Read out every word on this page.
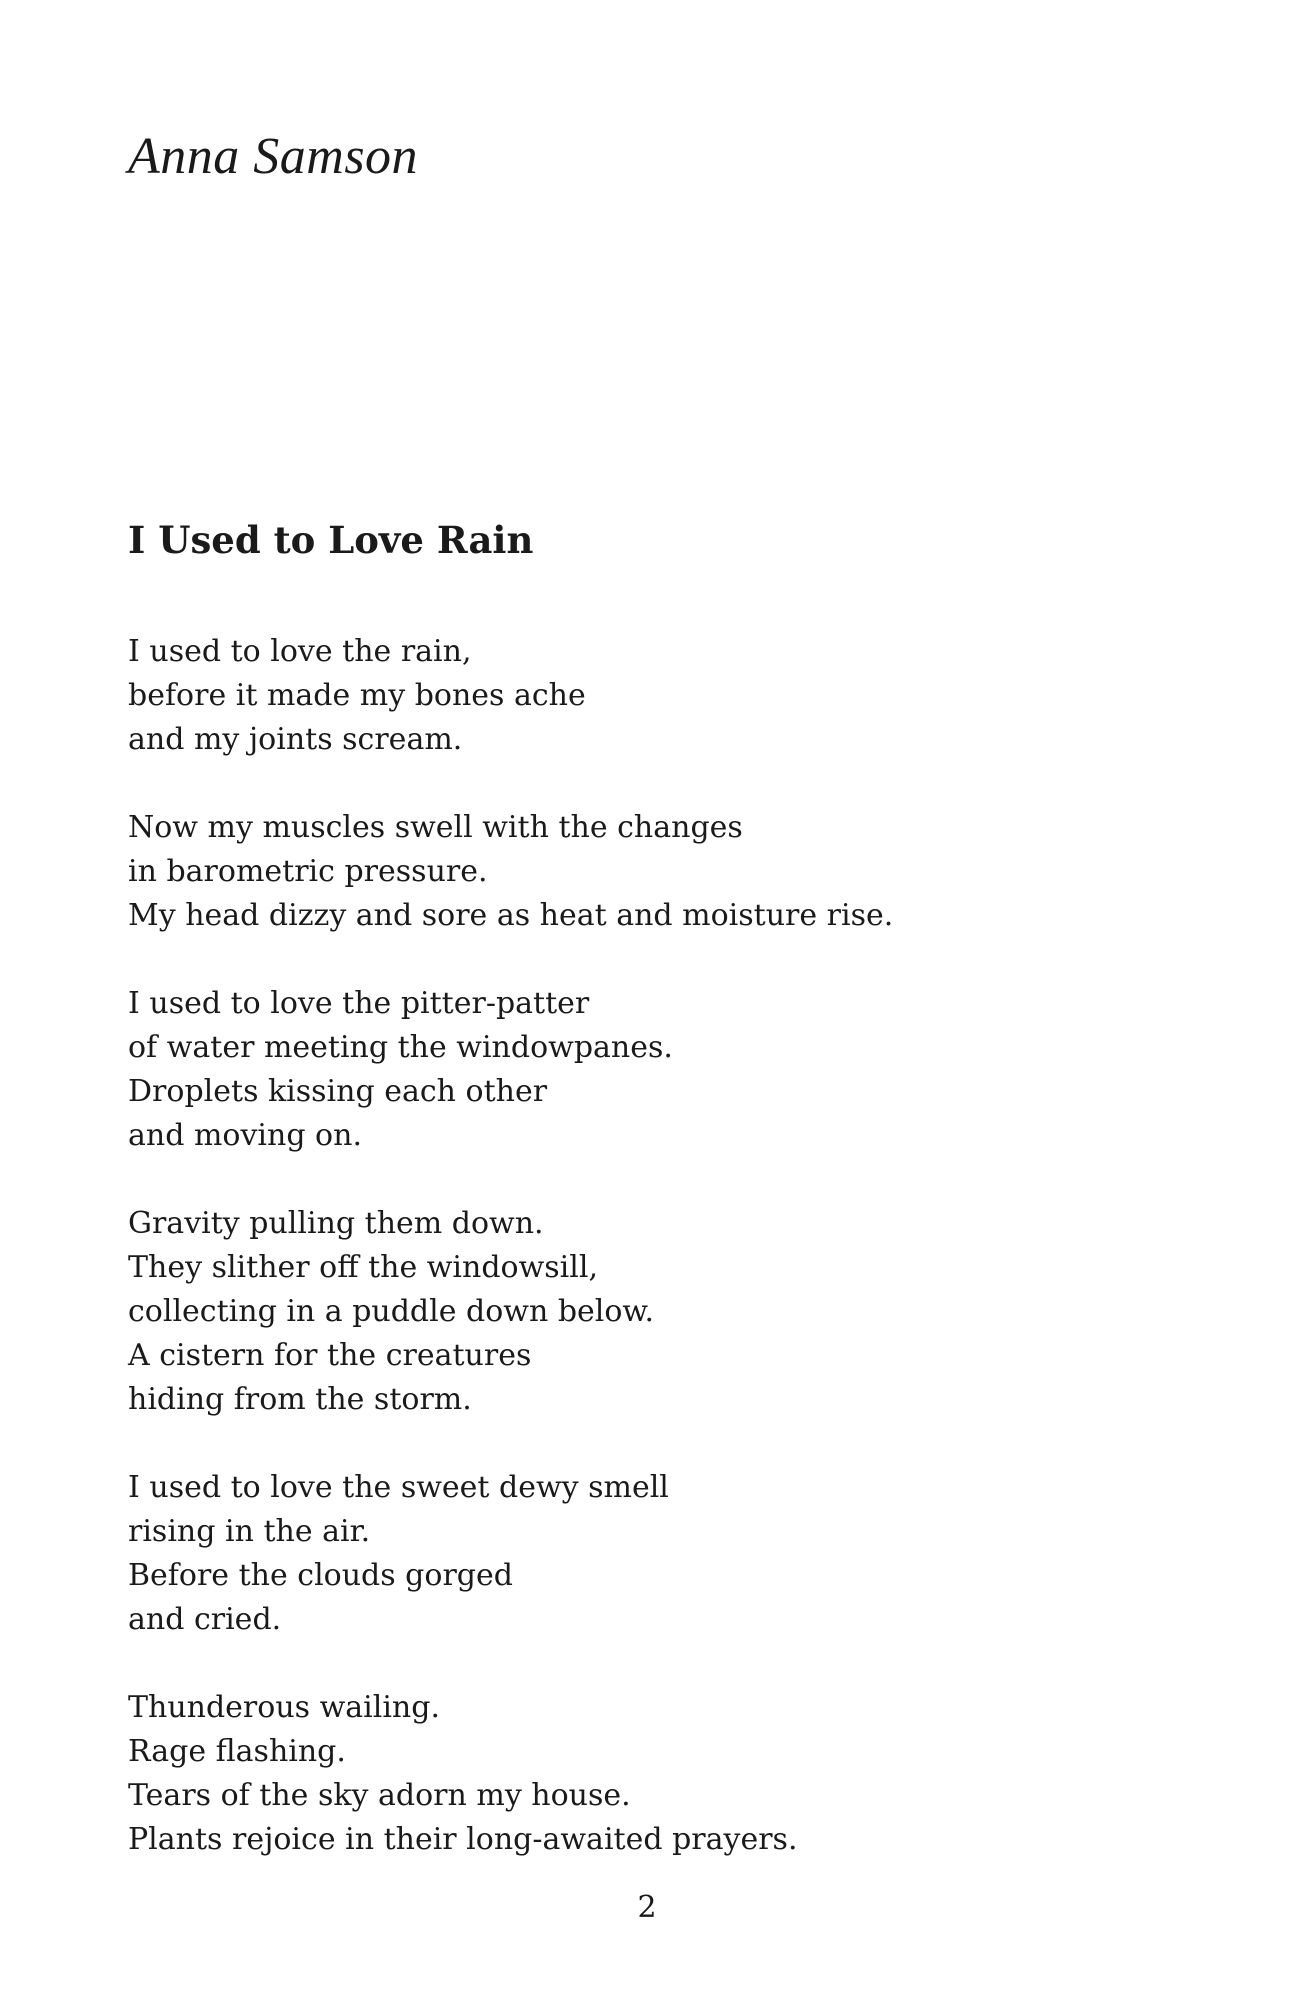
Anna Samson
I Used to Love Rain
I used to love the rain,
before it made my bones ache
and my joints scream.
Now my muscles swell with the changes
in barometric pressure.
My head dizzy and sore as heat and moisture rise.
I used to love the pitter-patter
of water meeting the windowpanes.
Droplets kissing each other
and moving on.
Gravity pulling them down.
They slither off the windowsill,
collecting in a puddle down below.
A cistern for the creatures
hiding from the storm.
I used to love the sweet dewy smell
rising in the air.
Before the clouds gorged
and cried.
Thunderous wailing.
Rage flashing.
Tears of the sky adorn my house.
Plants rejoice in their long-awaited prayers.
2
